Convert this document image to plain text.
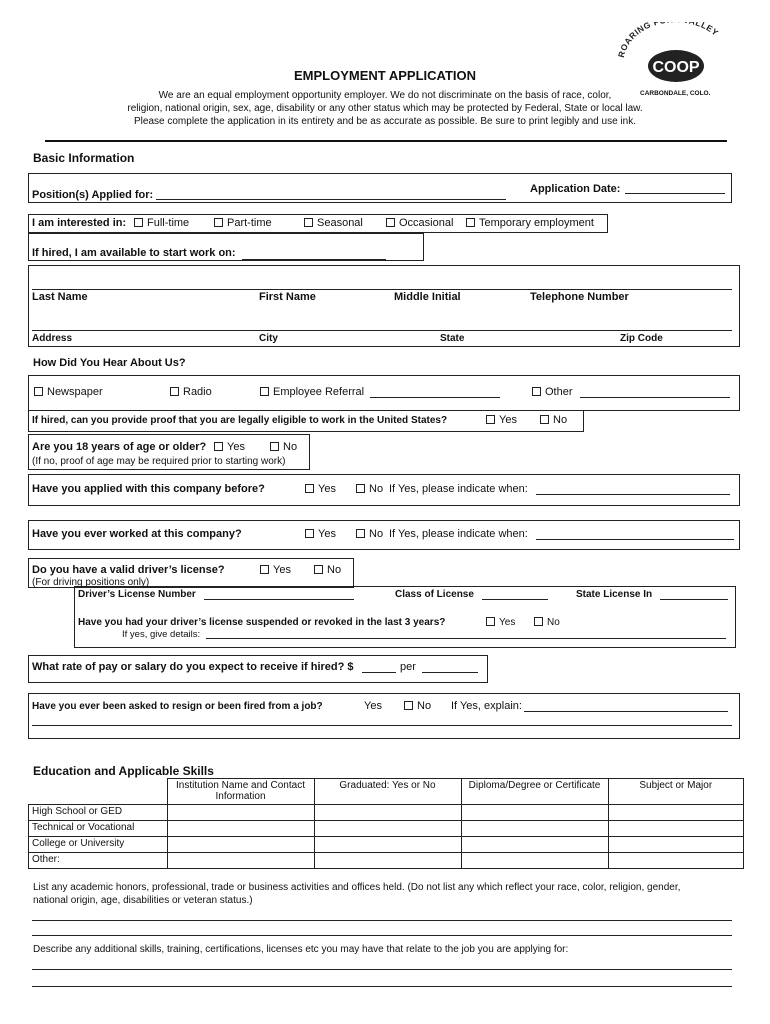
ROARING LLEY
COOP
CARBONDALE, COLO.
EMPLOYMENT APPLICATION
We are an equal employment opportunity employer. We do not discriminate on the basis of race, color,
religion, national origin, sex, age, disability or any other status which may be protected by Federal, State or local law.
Please complete the application in its entirety and be as accurate as possible. Be sure to print legibly and use ink.
Basic Information
Position(s) Applied for:	Application Date:
I am interested in:	Full-time	Part-time	Seasonal	Occasional	Temporary employment
If hired, I am available to start work on:
Last Name	First Name	Middle Initial	Telephone Number
Address	City	State	Zip Code
How Did You Hear About Us?
Newspaper	Radio	Employee Referral	Other
If hired, can you provide proof that you are legally eligible to work in the United States?	Yes	No
Are you 18 years of age or older?	Yes	No
(If no, proof of age may be required prior to starting work)
Have you applied with this company before?	Yes	No If Yes, please indicate when:
Have you ever worked at this company?	Yes	No If Yes, please indicate when:
Do you have a valid driver’s license?	Yes	No
(For driving positions only)
Driver’s License Number	Class of License	State License In
Have you had your driver’s license suspended or revoked in the last 3 years?	Yes	No
If yes, give details:
What rate of pay or salary do you expect to receive if hired? $	per
Have you ever been asked to resign or been fired from a job?	Yes	No If Yes, explain:
Education and Applicable Skills
	Institution Name and Contact Information	Graduated: Yes or No	Diploma/Degree or Certificate	Subject or Major
High School or GED				
Technical or Vocational				
College or University				
Other:				
List any academic honors, professional, trade or business activities and offices held. (Do not list any which reflect your race, color, religion, gender,
national origin, age, disabilities or veteran status.)
Describe any additional skills, training, certifications, licenses etc you may have that relate to the job you are applying for:
